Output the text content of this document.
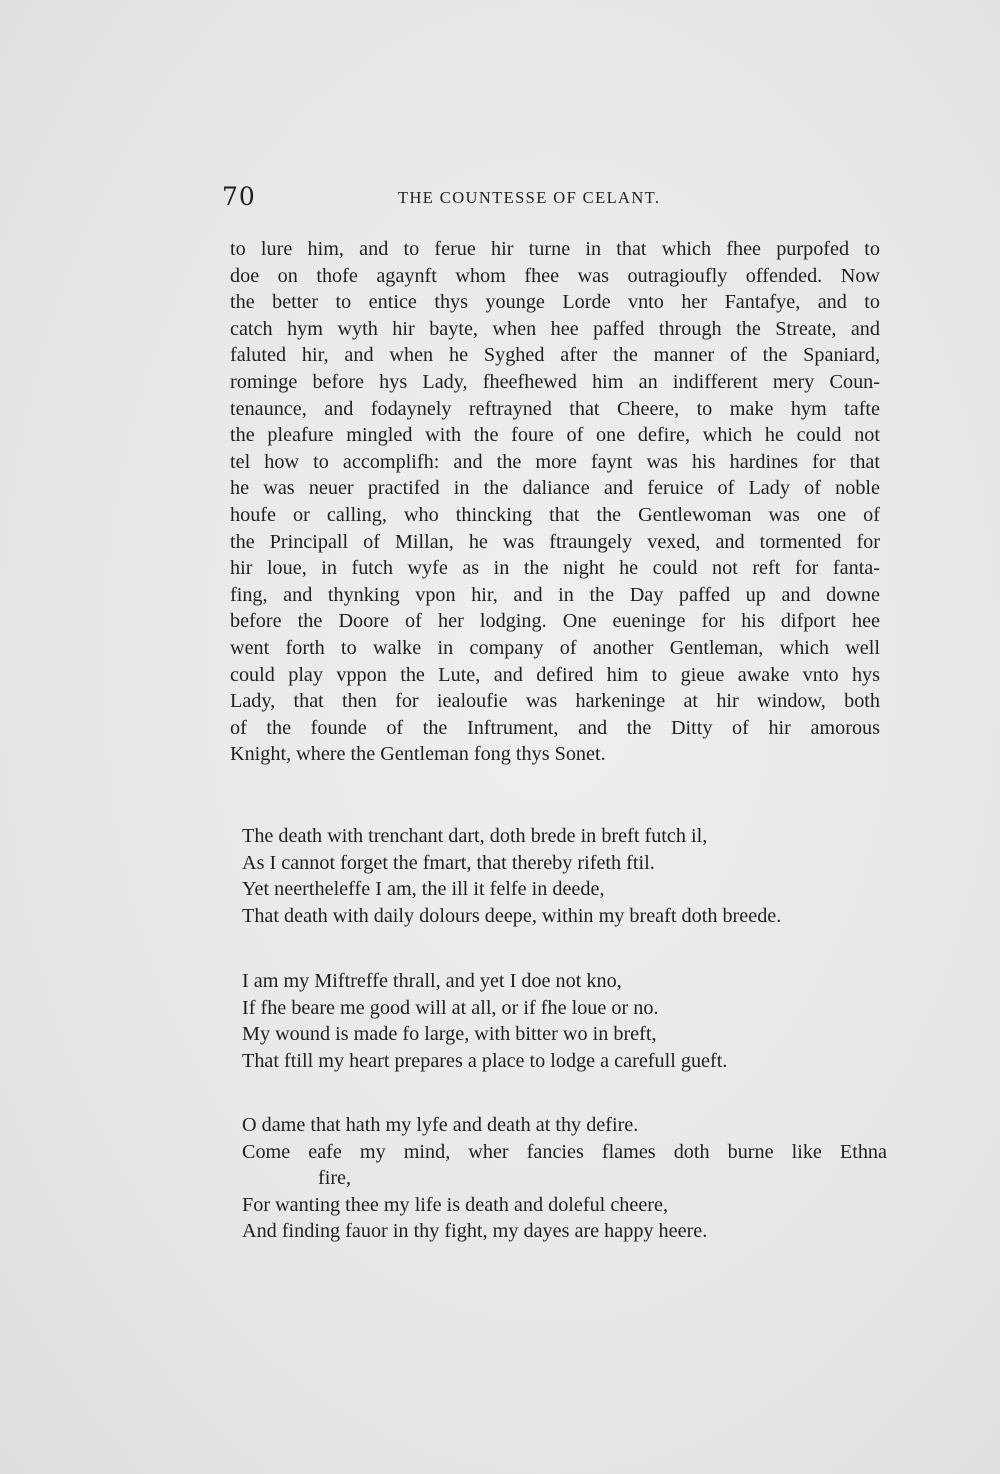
70	THE COUNTESSE OF CELANT.
to lure him, and to ferue hir turne in that which fhee purpofed to
doe on thofe agaynft whom fhee was outragioufly offended. Now
the better to entice thys younge Lorde vnto her Fantafye, and to
catch hym wyth hir bayte, when hee paffed through the Streate, and
faluted hir, and when he Syghed after the manner of the Spaniard,
rominge before hys Lady, fheefhewed him an indifferent mery Coun-
tenaunce, and fodaynely reftrayned that Cheere, to make hym tafte
the pleafure mingled with the foure of one defire, which he could not
tel how to accomplifh: and the more faynt was his hardines for that
he was neuer practifed in the daliance and feruice of Lady of noble
houfe or calling, who thincking that the Gentlewoman was one of
the Principall of Millan, he was ftraungely vexed, and tormented for
hir loue, in futch wyfe as in the night he could not reft for fanta-
fing, and thynking vpon hir, and in the Day paffed up and downe
before the Doore of her lodging. One eueninge for his difport hee
went forth to walke in company of another Gentleman, which well
could play vppon the Lute, and defired him to gieue awake vnto hys
Lady, that then for iealoufie was harkeninge at hir window, both
of the founde of the Inftrument, and the Ditty of hir amorous
Knight, where the Gentleman fong thys Sonet.
The death with trenchant dart, doth brede in breft futch il,
As I cannot forget the fmart, that thereby rifeth ftil.
Yet neertheleffe I am, the ill it felfe in deede,
That death with daily dolours deepe, within my breaft doth breede.
I am my Miftreffe thrall, and yet I doe not kno,
If fhe beare me good will at all, or if fhe loue or no.
My wound is made fo large, with bitter wo in breft,
That ftill my heart prepares a place to lodge a carefull gueft.
O dame that hath my lyfe and death at thy defire.
Come eafe my mind, wher fancies flames doth burne like Ethna
fire,
For wanting thee my life is death and doleful cheere,
And finding fauor in thy fight, my dayes are happy heere.
